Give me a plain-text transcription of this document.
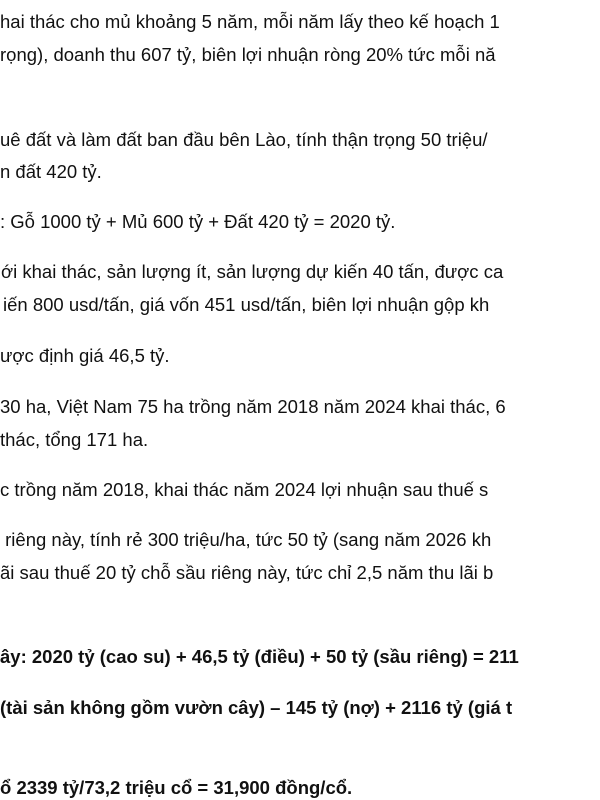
hai thác cho mủ khoảng 5 năm, mỗi năm lấy theo kế hoạch 1
rọng), doanh thu 607 tỷ, biên lợi nhuận ròng 20% tức mỗi nă
uê đất và làm đất ban đầu bên Lào, tính thận trọng 50 triệu/
n đất 420 tỷ.
: Gỗ 1000 tỷ + Mủ 600 tỷ + Đất 420 tỷ = 2020 tỷ.
ới khai thác, sản lượng ít, sản lượng dự kiến 40 tấn, được ca
iến 800 usd/tấn, giá vốn 451 usd/tấn, biên lợi nhuận gộp kh
ược định giá 46,5 tỷ.
30 ha, Việt Nam 75 ha trồng năm 2018 năm 2024 khai thác, 6
thác, tổng 171 ha.
c trồng năm 2018, khai thác năm 2024 lợi nhuận sau thuế s
riêng này, tính rẻ 300 triệu/ha, tức 50 tỷ (sang năm 2026 kh
ãi sau thuế 20 tỷ chỗ sầu riêng này, tức chỉ 2,5 năm thu lãi b
ây: 2020 tỷ (cao su) + 46,5 tỷ (điều) + 50 tỷ (sầu riêng) = 211
(tài sản không gồm vườn cây) – 145 tỷ (nợ) + 2116 tỷ (giá t
ổ 2339 tỷ/73,2 triệu cổ = 31,900 đồng/cổ.
